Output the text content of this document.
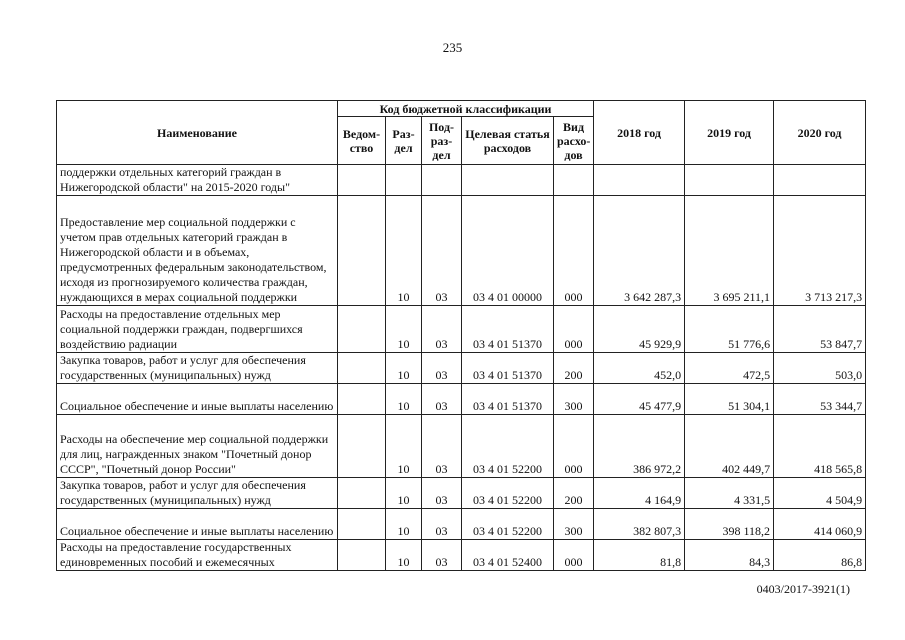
235
Наименование	Код бюджетной классификации					2018 год	2019 год	2020 год
	Ведом-ство	Раз-дел	Под-раз-дел	Целевая статья расходов	Вид расхо-дов			
поддержки отдельных категорий граждан в Нижегородской области" на 2015-2020 годы"								
Предоставление мер социальной поддержки с учетом прав отдельных категорий граждан в Нижегородской области и в объемах, предусмотренных федеральным законодательством, исходя из прогнозируемого количества граждан, нуждающихся в мерах социальной поддержки		10	03	03 4 01 00000	000	3 642 287,3	3 695 211,1	3 713 217,3
Расходы на предоставление отдельных мер социальной поддержки граждан, подвергшихся воздействию радиации		10	03	03 4 01 51370	000	45 929,9	51 776,6	53 847,7
Закупка товаров, работ и услуг для обеспечения государственных (муниципальных) нужд		10	03	03 4 01 51370	200	452,0	472,5	503,0
Социальное обеспечение и иные выплаты населению		10	03	03 4 01 51370	300	45 477,9	51 304,1	53 344,7
Расходы на обеспечение мер социальной поддержки для лиц, награжденных знаком "Почетный донор СССР", "Почетный донор России"		10	03	03 4 01 52200	000	386 972,2	402 449,7	418 565,8
Закупка товаров, работ и услуг для обеспечения государственных (муниципальных) нужд		10	03	03 4 01 52200	200	4 164,9	4 331,5	4 504,9
Социальное обеспечение и иные выплаты населению		10	03	03 4 01 52200	300	382 807,3	398 118,2	414 060,9
Расходы на предоставление государственных единовременных пособий и ежемесячных		10	03	03 4 01 52400	000	81,8	84,3	86,8
0403/2017-3921(1)
